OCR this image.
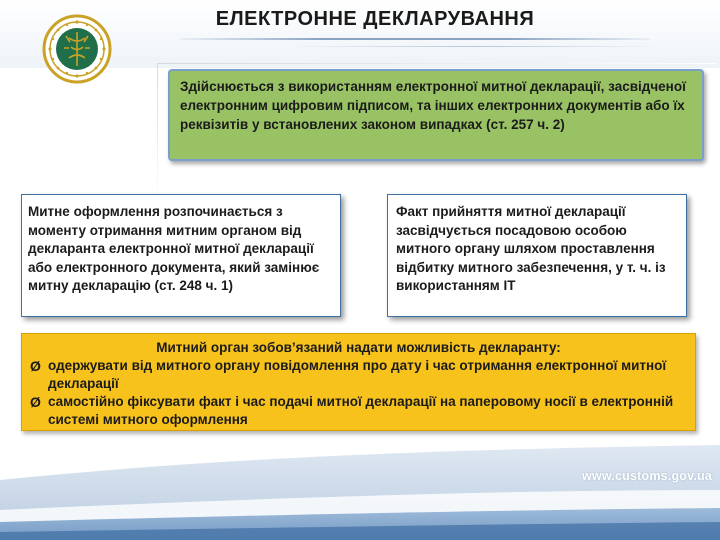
ЕЛЕКТРОННЕ ДЕКЛАРУВАННЯ

Здійснюється з використанням електронної митної декларації, засвідченої електронним цифровим підписом, та інших електронних документів або їх реквізитів у встановлених законом випадках (ст. 257 ч. 2)

Митне оформлення розпочинається з моменту отримання митним органом від декларанта електронної митної декларації або електронного документа, який замінює митну декларацію (ст. 248 ч. 1)

Факт прийняття митної декларації засвідчується посадовою особою митного органу шляхом проставлення відбитку митного забезпечення, у т. ч. із використанням ІТ

Митний орган зобов’язаний надати можливість декларанту:

Ø одержувати від митного органу повідомлення про дату і час отримання електронної митної декларації

Ø самостійно фіксувати факт і час подачі митної декларації на паперовому носії в електронній системі митного оформлення

www.customs.gov.ua
